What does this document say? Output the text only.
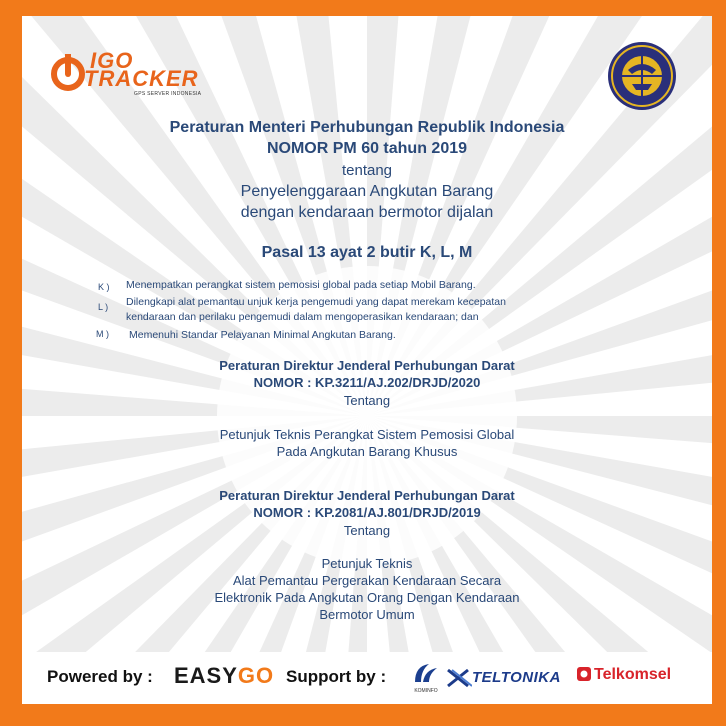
IGO
TRACKER
GPS SERVER INDONESIA
Peraturan Menteri Perhubungan Republik Indonesia
NOMOR PM 60 tahun 2019
tentang
Penyelenggaraan Angkutan Barang
dengan kendaraan bermotor dijalan
Pasal 13 ayat 2 butir K, L, M
K ) Menempatkan perangkat sistem pemosisi global pada setiap Mobil Barang.
L ) Dilengkapi alat pemantau unjuk kerja pengemudi yang dapat merekam kecepatan
kendaraan dan perilaku pengemudi dalam mengoperasikan kendaraan; dan
M ) Memenuhi Standar Pelayanan Minimal Angkutan Barang.
Peraturan Direktur Jenderal Perhubungan Darat
NOMOR : KP.3211/AJ.202/DRJD/2020
Tentang
Petunjuk Teknis Perangkat Sistem Pemosisi Global
Pada Angkutan Barang Khusus
Peraturan Direktur Jenderal Perhubungan Darat
NOMOR : KP.2081/AJ.801/DRJD/2019
Tentang
Petunjuk Teknis
Alat Pemantau Pergerakan Kendaraan Secara
Elektronik Pada Angkutan Orang Dengan Kendaraan
Bermotor Umum
Powered by : EASYGO Support by :
KOMINFO
TELTONIKA Telkomsel
